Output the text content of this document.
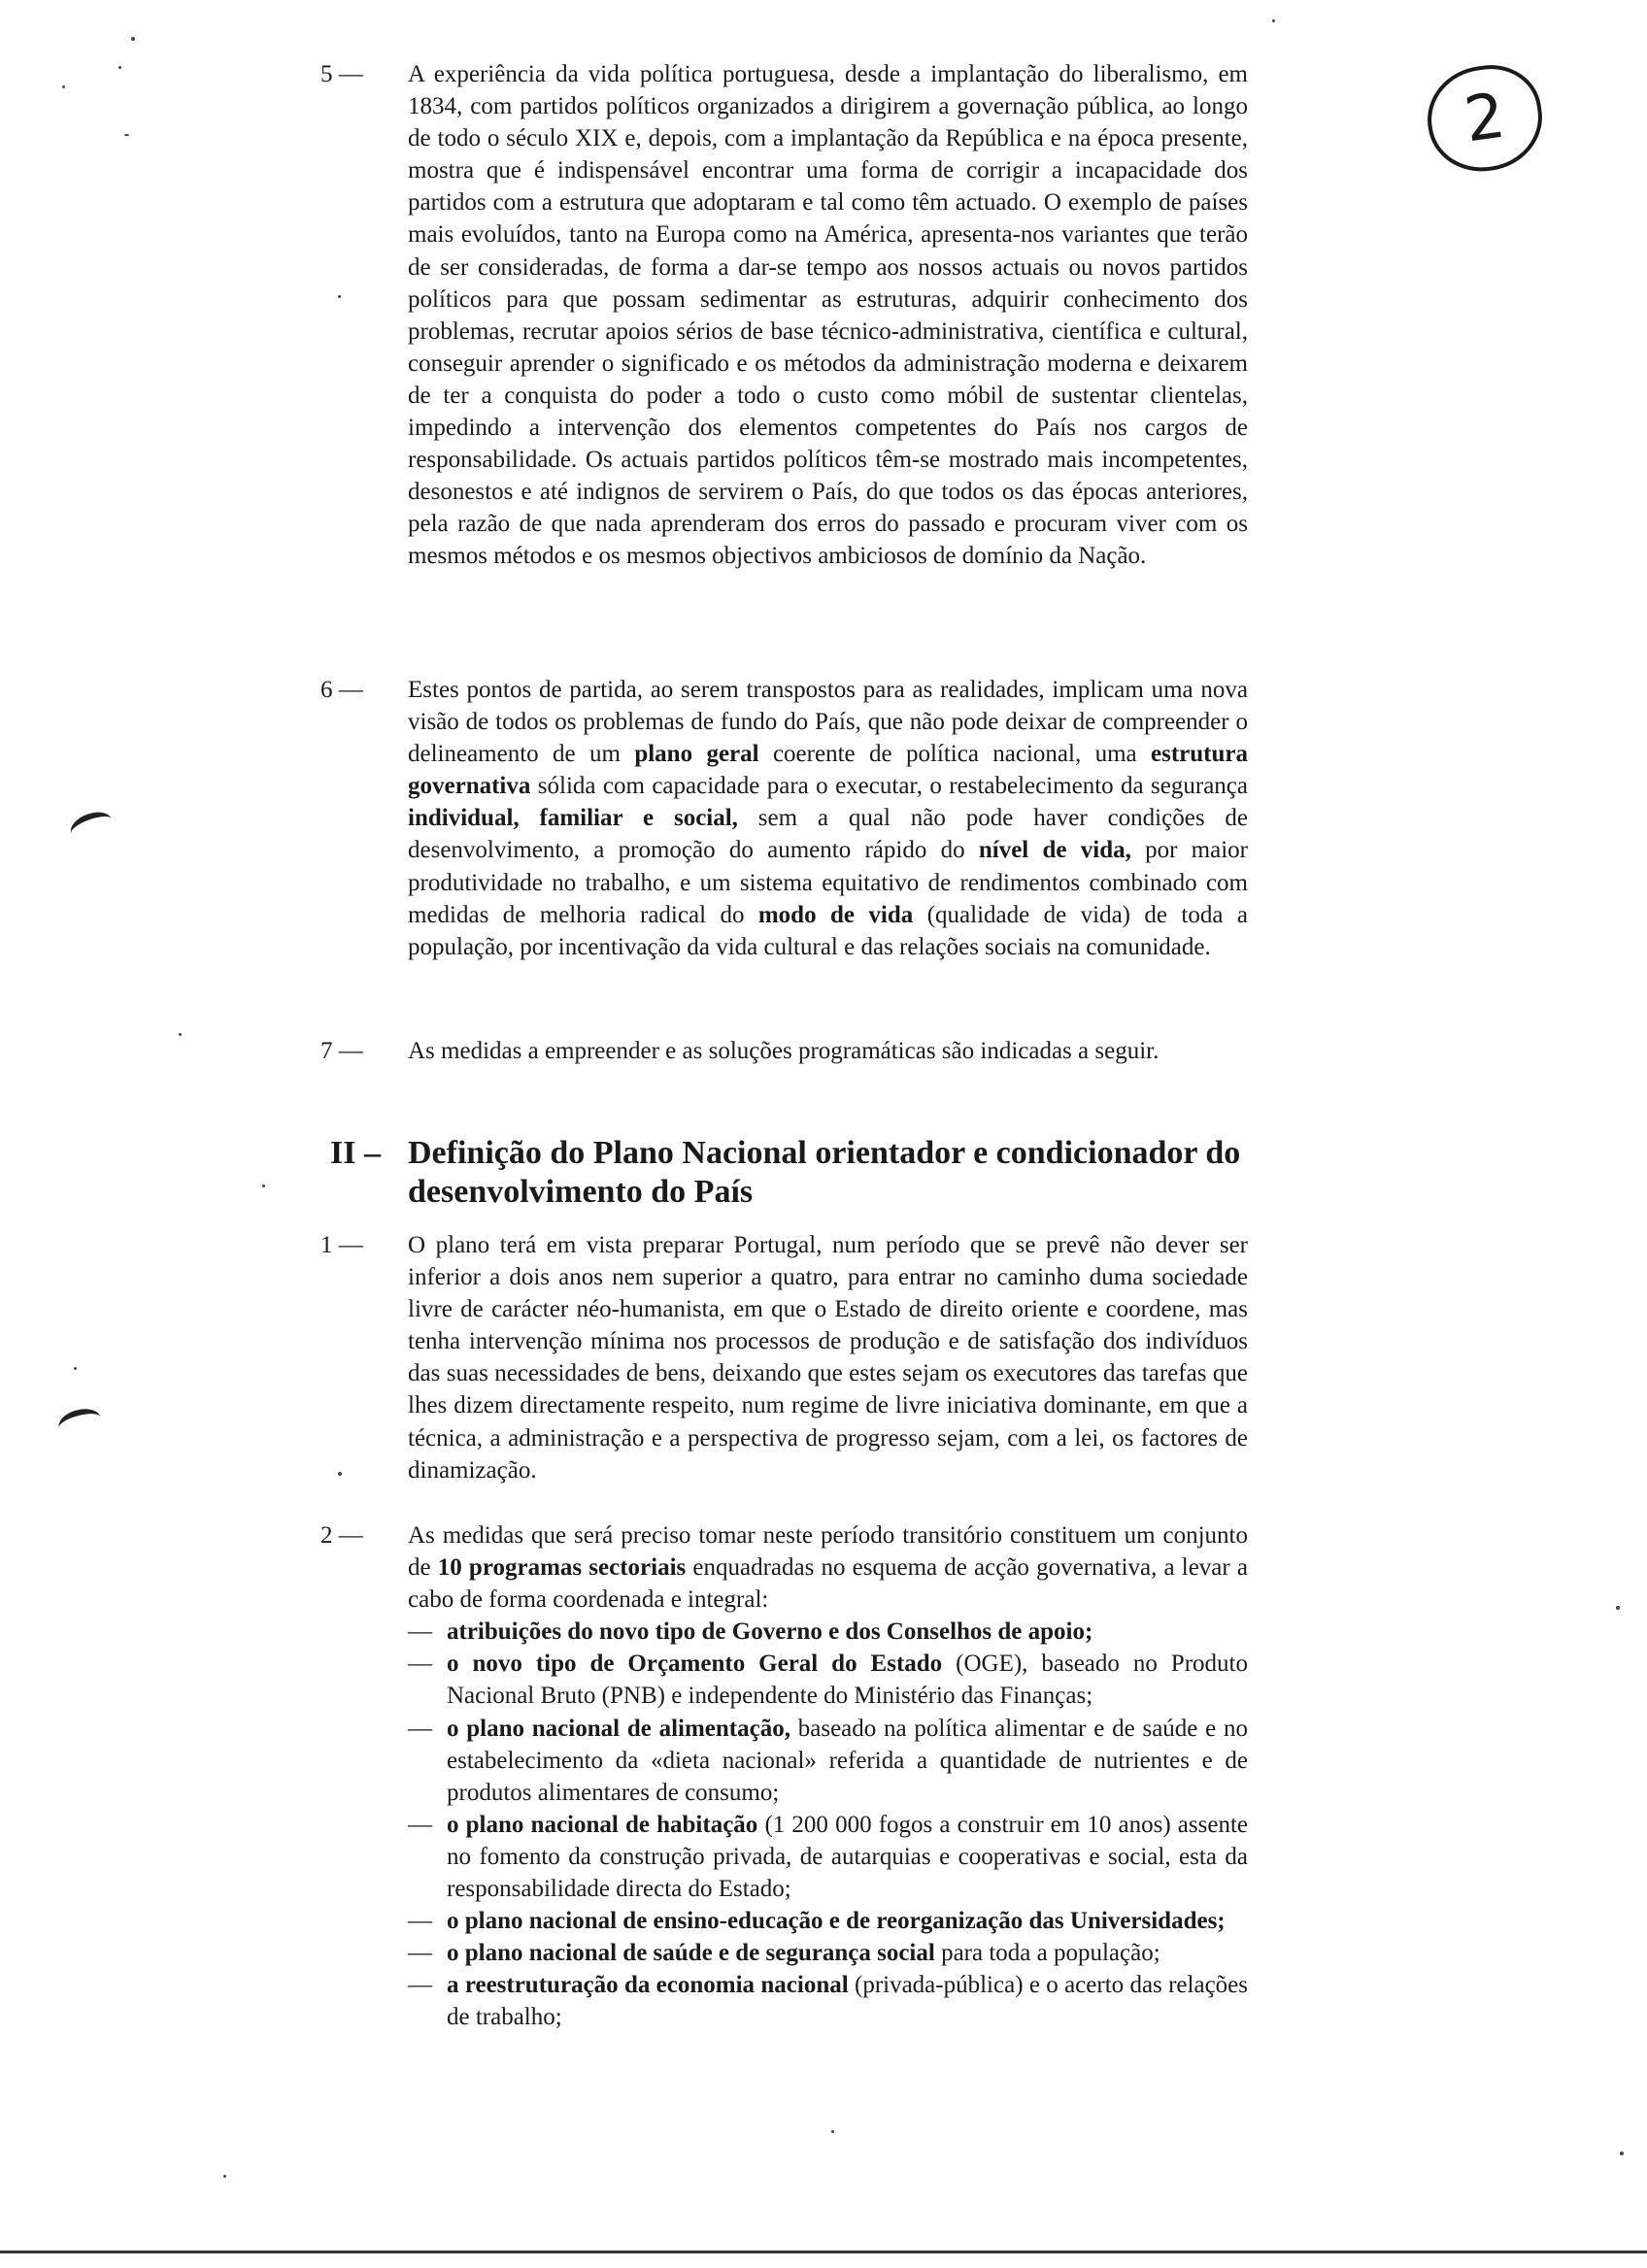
2
5 —	A experiência da vida política portuguesa, desde a implantação do liberalismo, em 1834, com partidos políticos organizados a dirigirem a governação pública, ao longo de todo o século XIX e, depois, com a implantação da República e na época presente, mostra que é indispensável encontrar uma forma de corrigir a incapacidade dos partidos com a estrutura que adoptaram e tal como têm actuado. O exemplo de países mais evoluídos, tanto na Europa como na América, apresenta-nos variantes que terão de ser consideradas, de forma a dar-se tempo aos nossos actuais ou novos partidos políticos para que possam sedimentar as estruturas, adquirir conhecimento dos problemas, recrutar apoios sérios de base técnico-administrativa, científica e cultural, conseguir aprender o significado e os métodos da administração moderna e deixarem de ter a conquista do poder a todo o custo como móbil de sustentar clientelas, impedindo a intervenção dos elementos competentes do País nos cargos de responsabilidade. Os actuais partidos políticos têm-se mostrado mais incompetentes, desonestos e até indignos de servirem o País, do que todos os das épocas anteriores, pela razão de que nada aprenderam dos erros do passado e procuram viver com os mesmos métodos e os mesmos objectivos ambiciosos de domínio da Nação.

6 —	Estes pontos de partida, ao serem transpostos para as realidades, implicam uma nova visão de todos os problemas de fundo do País, que não pode deixar de compreender o delineamento de um plano geral coerente de política nacional, uma estrutura governativa sólida com capacidade para o executar, o restabelecimento da segurança individual, familiar e social, sem a qual não pode haver condições de desenvolvimento, a promoção do aumento rápido do nível de vida, por maior produtividade no trabalho, e um sistema equitativo de rendimentos combinado com medidas de melhoria radical do modo de vida (qualidade de vida) de toda a população, por incentivação da vida cultural e das relações sociais na comunidade.

7 —	As medidas a empreender e as soluções programáticas são indicadas a seguir.

II – Definição do Plano Nacional orientador e condicionador do desenvolvimento do País
1 —	O plano terá em vista preparar Portugal, num período que se prevê não dever ser inferior a dois anos nem superior a quatro, para entrar no caminho duma sociedade livre de carácter néo-humanista, em que o Estado de direito oriente e coordene, mas tenha intervenção mínima nos processos de produção e de satisfação dos indivíduos das suas necessidades de bens, deixando que estes sejam os executores das tarefas que lhes dizem directamente respeito, num regime de livre iniciativa dominante, em que a técnica, a administração e a perspectiva de progresso sejam, com a lei, os factores de dinamização.

2 —	As medidas que será preciso tomar neste período transitório constituem um conjunto de 10 programas sectoriais enquadradas no esquema de acção governativa, a levar a cabo de forma coordenada e integral:

— atribuições do novo tipo de Governo e dos Conselhos de apoio;
— o novo tipo de Orçamento Geral do Estado (OGE), baseado no Produto Nacional Bruto (PNB) e independente do Ministério das Finanças;
— o plano nacional de alimentação, baseado na política alimentar e de saúde e no estabelecimento da «dieta nacional» referida a quantidade de nutrientes e de produtos alimentares de consumo;
— o plano nacional de habitação (1 200 000 fogos a construir em 10 anos) assente no fomento da construção privada, de autarquias e cooperativas e social, esta da responsabilidade directa do Estado;
— o plano nacional de ensino-educação e de reorganização das Universidades;
— o plano nacional de saúde e de segurança social para toda a população;
— a reestruturação da economia nacional (privada-pública) e o acerto das relações de trabalho;
